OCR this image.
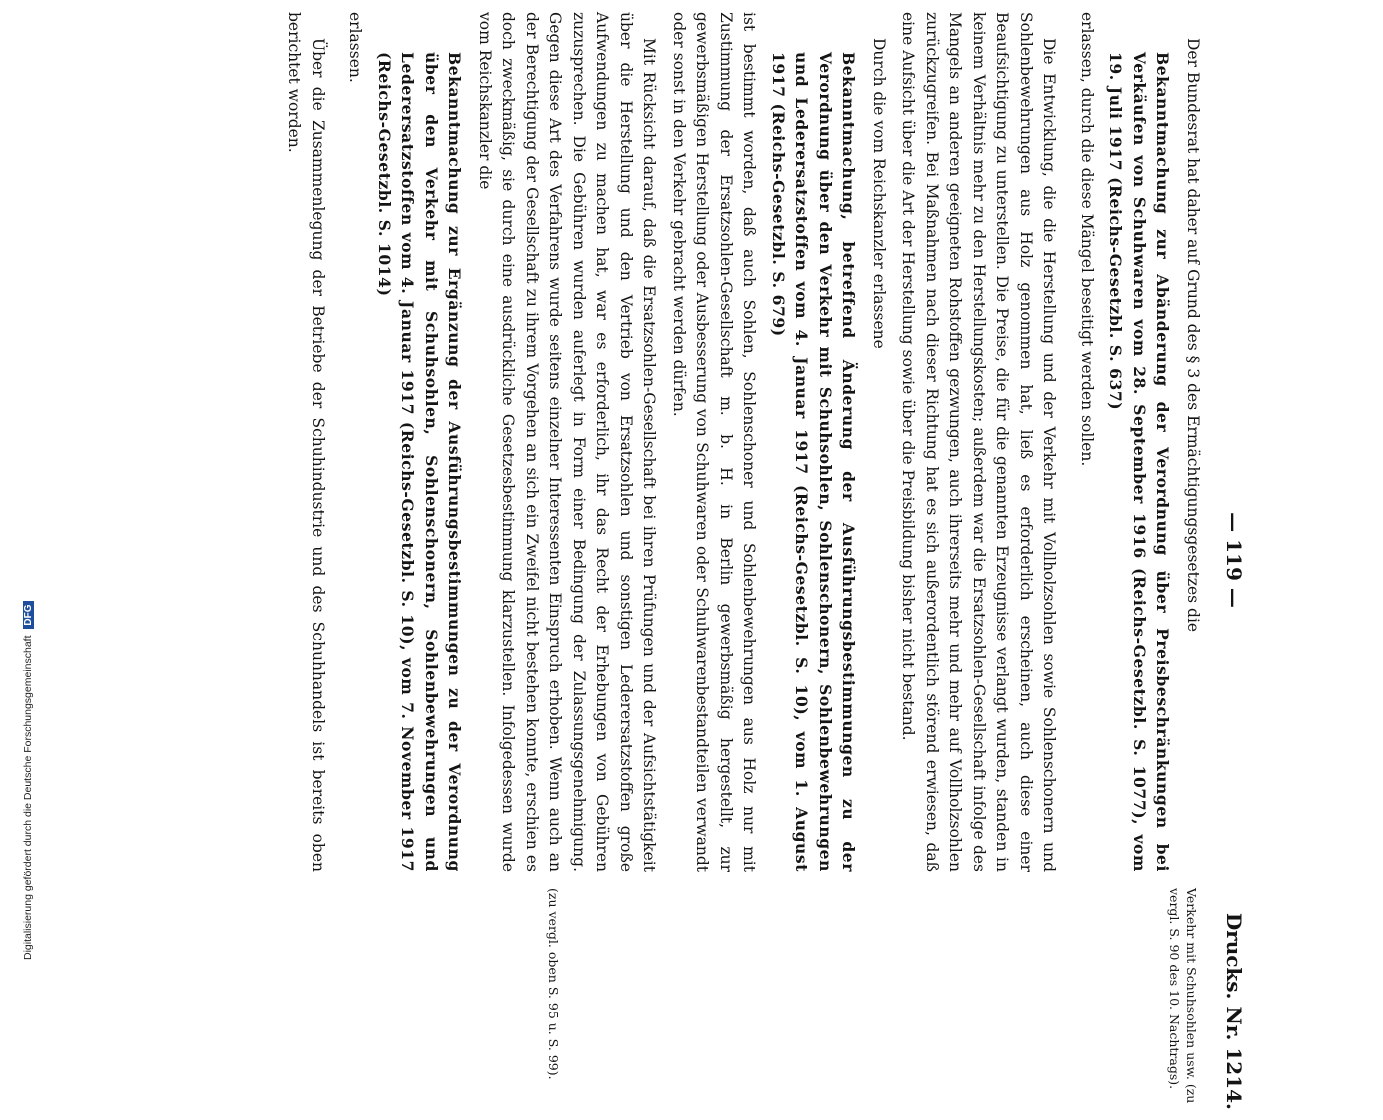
— 119 —
Drucks. Nr. 1214.

Der Bundesrat hat daher auf Grund des § 3 des Ermächtigungsgesetzes die

Bekanntmachung zur Abänderung der Verordnung über Preisbeschränkungen bei Verkäufen von Schuhwaren vom 28. September 1916 (Reichs-Gesetzbl. S. 1077), vom 19. Juli 1917 (Reichs-Gesetzbl. S. 637)

erlassen, durch die diese Mängel beseitigt werden sollen.

Die Entwicklung, die die Herstellung und der Verkehr mit Vollholzsohlen sowie Sohlenschonern und Sohlenbewehrungen aus Holz genommen hat, ließ es erforderlich erscheinen, auch diese einer Beaufsichtigung zu unterstellen. Die Preise, die für die genannten Erzeugnisse verlangt wurden, standen in keinem Verhältnis mehr zu den Herstellungskosten; außerdem war die Ersatzsohlen-Gesellschaft infolge des Mangels an anderen geeigneten Rohstoffen gezwungen, auch ihrerseits mehr und mehr auf Vollholzsohlen zurückzugreifen. Bei Maßnahmen nach dieser Richtung hat es sich außerordentlich störend erwiesen, daß eine Aufsicht über die Art der Herstellung sowie über die Preisbildung bisher nicht bestand.

Durch die vom Reichskanzler erlassene

Bekanntmachung, betreffend Änderung der Ausführungsbestimmungen zu der Verordnung über den Verkehr mit Schuhsohlen, Sohlenschonern, Sohlenbewehrungen und Lederersatzstoffen vom 4. Januar 1917 (Reichs-Gesetzbl. S. 10), vom 1. August 1917 (Reichs-Gesetzbl. S. 679)

ist bestimmt worden, daß auch Sohlen, Sohlenschoner und Sohlenbewehrungen aus Holz nur mit Zustimmung der Ersatzsohlen-Gesellschaft m. b. H. in Berlin gewerbsmäßig hergestellt, zur gewerbsmäßigen Herstellung oder Ausbesserung von Schuhwaren oder Schuhwarenbestandteilen verwandt oder sonst in den Verkehr gebracht werden dürfen.

Mit Rücksicht darauf, daß die Ersatzsohlen-Gesellschaft bei ihren Prüfungen und der Aufsichtstätigkeit über die Herstellung und den Vertrieb von Ersatzsohlen und sonstigen Lederersatzstoffen große Aufwendungen zu machen hat, war es erforderlich, ihr das Recht der Erhebungen von Gebühren zuzusprechen. Die Gebühren wurden auferlegt in Form einer Bedingung der Zulassungsgenehmigung. Gegen diese Art des Verfahrens wurde seitens einzelner Interessenten Einspruch erhoben. Wenn auch an der Berechtigung der Gesellschaft zu ihrem Vorgehen an sich ein Zweifel nicht bestehen konnte, erschien es doch zweckmäßig, sie durch eine ausdrückliche Gesetzesbestimmung klarzustellen. Infolgedessen wurde vom Reichskanzler die

Bekanntmachung zur Ergänzung der Ausführungsbestimmungen zu der Verordnung über den Verkehr mit Schuhsohlen, Sohlenschonern, Sohlenbewehrungen und Lederersatzstoffen vom 4. Januar 1917 (Reichs-Gesetzbl. S. 10), vom 7. November 1917 (Reichs-Gesetzbl. S. 1014)

erlassen.

Über die Zusammenlegung der Betriebe der Schuhindustrie und des Schuhhandels ist bereits oben berichtet worden.

Verkehr mit Schuhsohlen usw. (zu vergl. S. 90 des 10. Nachtrags).
(zu vergl. oben S. 95 u. S. 99).
Digitalisierung gefördert durch die Deutsche Forschungsgemeinschaft DFG
